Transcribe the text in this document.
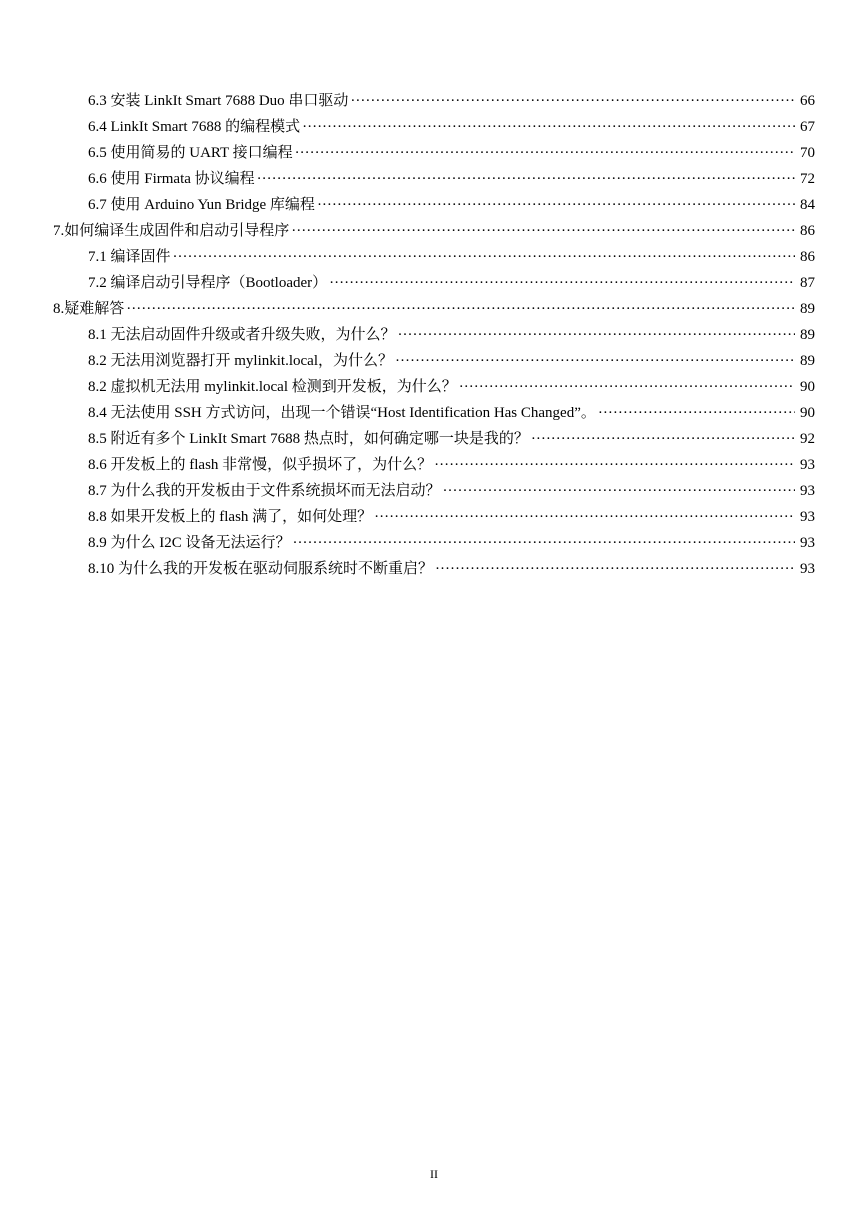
6.3 安装 LinkIt Smart 7688 Duo 串口驱动 ·····	66
6.4 LinkIt Smart 7688 的编程模式 ·····	67
6.5 使用简易的 UART 接口编程 ·····	70
6.6 使用 Firmata 协议编程 ·····	72
6.7 使用 Arduino Yun Bridge 库编程 ·····	84
7.如何编译生成固件和启动引导程序 ·····	86
7.1 编译固件 ·····	86
7.2 编译启动引导程序（Bootloader） ·····	87
8.疑难解答 ·····	89
8.1 无法启动固件升级或者升级失败，为什么？ ·····	89
8.2 无法用浏览器打开 mylinkit.local，为什么？ ·····	89
8.2 虚拟机无法用 mylinkit.local 检测到开发板，为什么？ ·····	90
8.4 无法使用 SSH 方式访问，出现一个错误“Host Identification Has Changed”。 ·····	90
8.5 附近有多个 LinkIt Smart 7688 热点时，如何确定哪一块是我的？ ·····	92
8.6 开发板上的 flash 非常慢，似乎损坏了，为什么？ ·····	93
8.7 为什么我的开发板由于文件系统损坏而无法启动？ ·····	93
8.8 如果开发板上的 flash 满了，如何处理？ ·····	93
8.9 为什么 I2C 设备无法运行？ ·····	93
8.10 为什么我的开发板在驱动伺服系统时不断重启？ ·····	93
II
